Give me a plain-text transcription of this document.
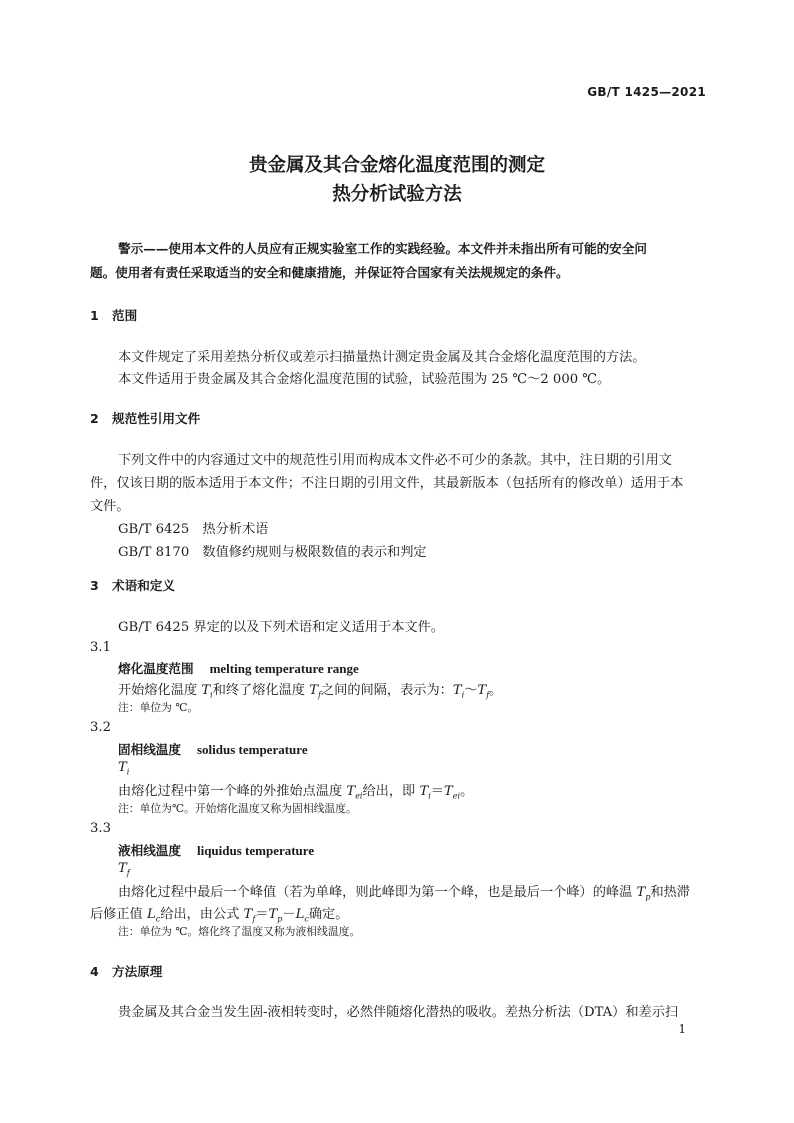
GB/T 1425—2021
贵金属及其合金熔化温度范围的测定
热分析试验方法
警示——使用本文件的人员应有正规实验室工作的实践经验。本文件并未指出所有可能的安全问
题。使用者有责任采取适当的安全和健康措施，并保证符合国家有关法规规定的条件。
1 范围
本文件规定了采用差热分析仪或差示扫描量热计测定贵金属及其合金熔化温度范围的方法。
本文件适用于贵金属及其合金熔化温度范围的试验，试验范围为 25 ℃～2 000 ℃。
2 规范性引用文件
下列文件中的内容通过文中的规范性引用而构成本文件必不可少的条款。其中，注日期的引用文
件，仅该日期的版本适用于本文件；不注日期的引用文件，其最新版本（包括所有的修改单）适用于本
文件。
GB/T 6425　热分析术语
GB/T 8170　数值修约规则与极限数值的表示和判定
3 术语和定义
GB/T 6425 界定的以及下列术语和定义适用于本文件。
3.1
熔化温度范围 melting temperature range
开始熔化温度 $T_i$和终了熔化温度 $T_f$之间的间隔，表示为：$T_i\sim T_f$。
注：单位为 ℃。
3.2
固相线温度 solidus temperature
$T_i$
由熔化过程中第一个峰的外推始点温度 $T_{ei}$给出，即 $T_i=T_{ei}$。
注：单位为℃。开始熔化温度又称为固相线温度。
3.3
液相线温度 liquidus temperature
$T_f$
由熔化过程中最后一个峰值（若为单峰，则此峰即为第一个峰，也是最后一个峰）的峰温 $T_p$和热滞
后修正值 $L_c$给出，由公式 $T_f=T_p-L_c$确定。
注：单位为 ℃。熔化终了温度又称为液相线温度。
4 方法原理
贵金属及其合金当发生固-液相转变时，必然伴随熔化潜热的吸收。差热分析法（DTA）和差示扫
1
